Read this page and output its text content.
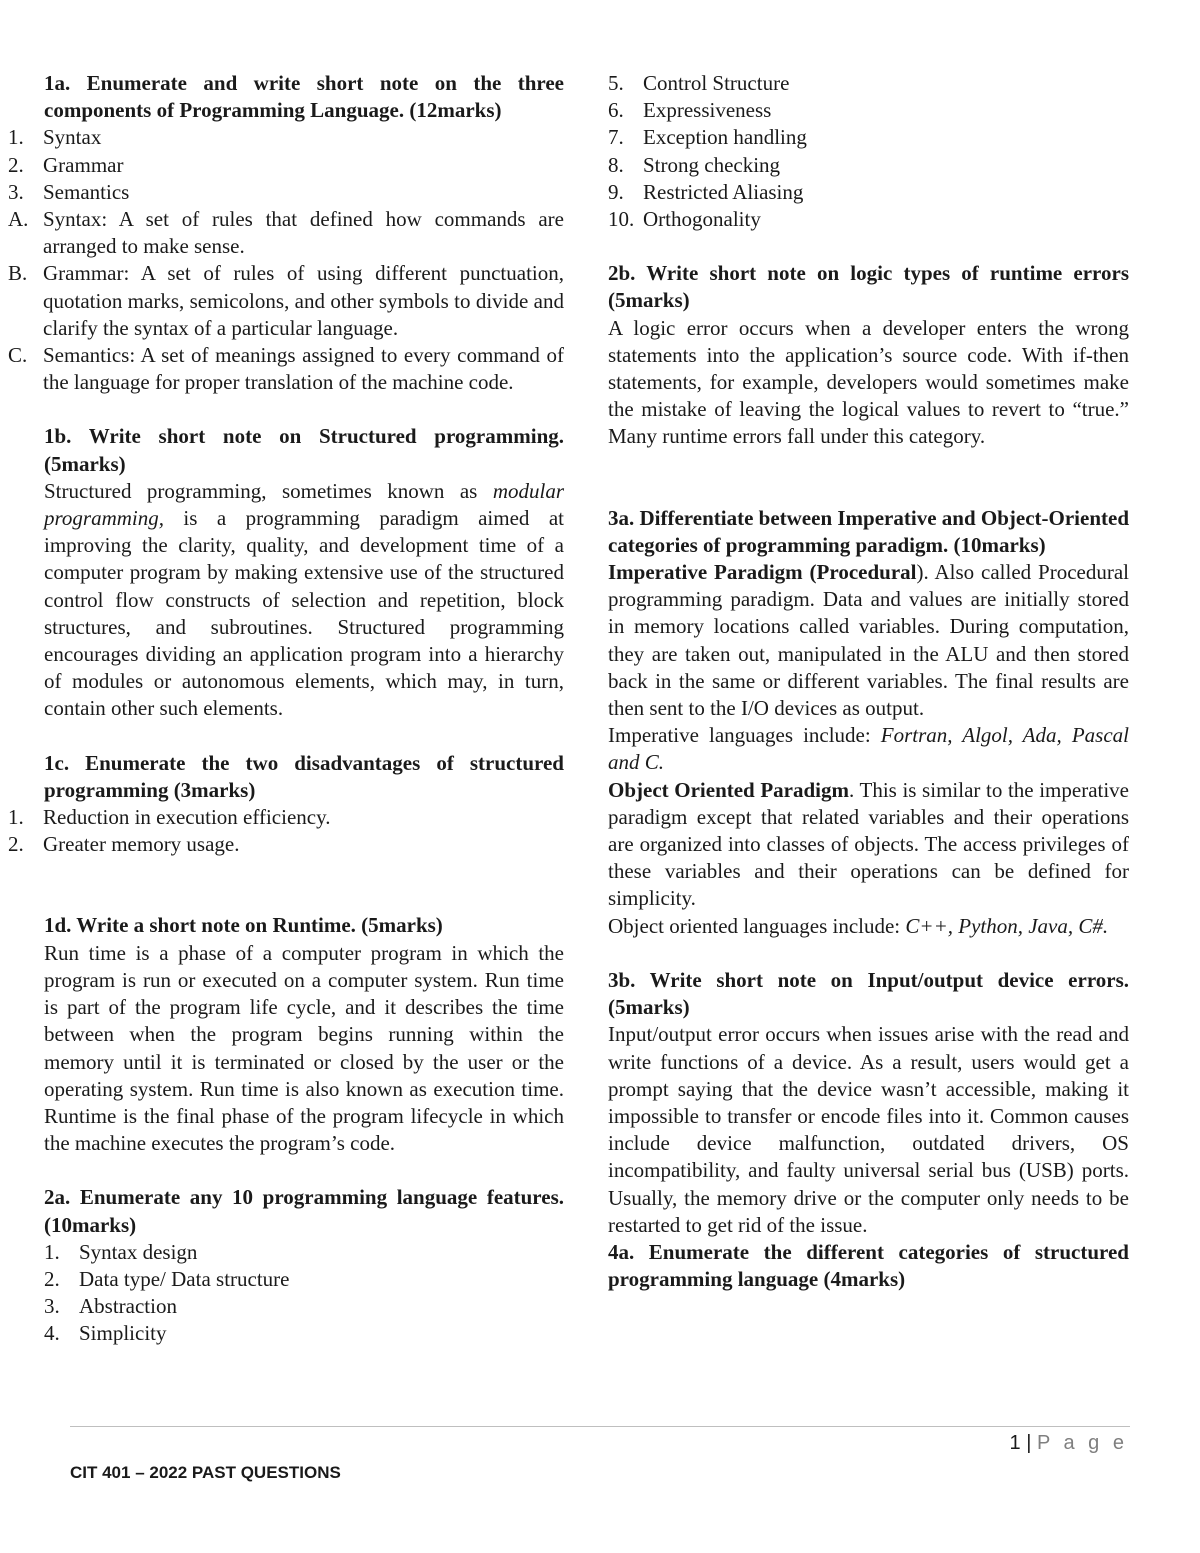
1a. Enumerate and write short note on the three components of Programming Language. (12marks)

1. Syntax
2. Grammar
3. Semantics
A. Syntax: A set of rules that defined how commands are arranged to make sense.
B. Grammar: A set of rules of using different punctuation, quotation marks, semicolons, and other symbols to divide and clarify the syntax of a particular language.
C. Semantics: A set of meanings assigned to every command of the language for proper translation of the machine code.

1b. Write short note on Structured programming. (5marks)

Structured programming, sometimes known as modular programming, is a programming paradigm aimed at improving the clarity, quality, and development time of a computer program by making extensive use of the structured control flow constructs of selection and repetition, block structures, and subroutines. Structured programming encourages dividing an application program into a hierarchy of modules or autonomous elements, which may, in turn, contain other such elements.

1c. Enumerate the two disadvantages of structured programming (3marks)

1. Reduction in execution efficiency.
2. Greater memory usage.

1d. Write a short note on Runtime. (5marks)

Run time is a phase of a computer program in which the program is run or executed on a computer system. Run time is part of the program life cycle, and it describes the time between when the program begins running within the memory until it is terminated or closed by the user or the operating system. Run time is also known as execution time. Runtime is the final phase of the program lifecycle in which the machine executes the program’s code.

2a. Enumerate any 10 programming language features. (10marks)

1. Syntax design
2. Data type/ Data structure
3. Abstraction
4. Simplicity
5. Control Structure
6. Expressiveness
7. Exception handling
8. Strong checking
9. Restricted Aliasing
10. Orthogonality

2b. Write short note on logic types of runtime errors (5marks)

A logic error occurs when a developer enters the wrong statements into the application’s source code. With if-then statements, for example, developers would sometimes make the mistake of leaving the logical values to revert to “true.” Many runtime errors fall under this category.

3a. Differentiate between Imperative and Object-Oriented categories of programming paradigm. (10marks)

Imperative Paradigm (Procedural). Also called Procedural programming paradigm. Data and values are initially stored in memory locations called variables. During computation, they are taken out, manipulated in the ALU and then stored back in the same or different variables. The final results are then sent to the I/O devices as output.

Imperative languages include: Fortran, Algol, Ada, Pascal and C.

Object Oriented Paradigm. This is similar to the imperative paradigm except that related variables and their operations are organized into classes of objects. The access privileges of these variables and their operations can be defined for simplicity.

Object oriented languages include: C++, Python, Java, C#.

3b. Write short note on Input/output device errors. (5marks)

Input/output error occurs when issues arise with the read and write functions of a device. As a result, users would get a prompt saying that the device wasn’t accessible, making it impossible to transfer or encode files into it. Common causes include device malfunction, outdated drivers, OS incompatibility, and faulty universal serial bus (USB) ports. Usually, the memory drive or the computer only needs to be restarted to get rid of the issue.

4a. Enumerate the different categories of structured programming language (4marks)

1 | P a g e
CIT 401 – 2022 PAST QUESTIONS
